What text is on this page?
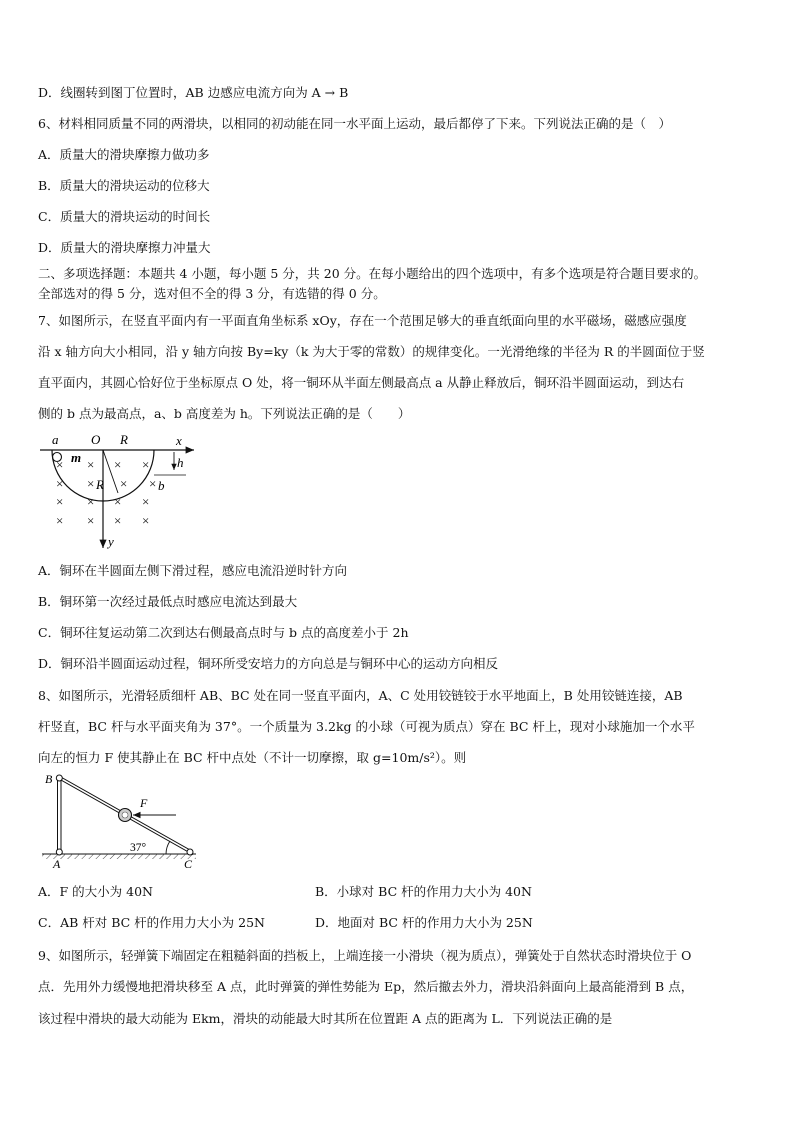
D．线圈转到图丁位置时，AB 边感应电流方向为 A → B
6、材料相同质量不同的两滑块，以相同的初动能在同一水平面上运动，最后都停了下来。下列说法正确的是（　）
A．质量大的滑块摩擦力做功多
B．质量大的滑块运动的位移大
C．质量大的滑块运动的时间长
D．质量大的滑块摩擦力冲量大
二、多项选择题：本题共 4 小题，每小题 5 分，共 20 分。在每小题给出的四个选项中，有多个选项是符合题目要求的。
全部选对的得 5 分，选对但不全的得 3 分，有选错的得 0 分。
7、如图所示，在竖直平面内有一平面直角坐标系 xOy，存在一个范围足够大的垂直纸面向里的水平磁场，磁感应强度
沿 x 轴方向大小相同，沿 y 轴方向按 By=ky（k 为大于零的常数）的规律变化。一光滑绝缘的半径为 R 的半圆面位于竖
直平面内，其圆心恰好位于坐标原点 O 处，将一铜环从半面左侧最高点 a 从静止释放后，铜环沿半圆面运动，到达右
侧的 b 点为最高点，a、b 高度差为 h。下列说法正确的是（　　）
× × × ×
× × × ×
× × × ×
× × × ×
a	O R	x
m	h
R	b
y
A．铜环在半圆面左侧下滑过程，感应电流沿逆时针方向
B．铜环第一次经过最低点时感应电流达到最大
C．铜环往复运动第二次到达右侧最高点时与 b 点的高度差小于 2h
D．铜环沿半圆面运动过程，铜环所受安培力的方向总是与铜环中心的运动方向相反
8、如图所示，光滑轻质细杆 AB、BC 处在同一竖直平面内，A、C 处用铰链铰于水平地面上，B 处用铰链连接，AB
杆竖直，BC 杆与水平面夹角为 37°。一个质量为 3.2kg 的小球（可视为质点）穿在 BC 杆上，现对小球施加一个水平
向左的恒力 F 使其静止在 BC 杆中点处（不计一切摩擦，取 g=10m/s²）。则
B
F
37°
A	C
A．F 的大小为 40N	B．小球对 BC 杆的作用力大小为 40N
C．AB 杆对 BC 杆的作用力大小为 25N	D．地面对 BC 杆的作用力大小为 25N
9、如图所示，轻弹簧下端固定在粗糙斜面的挡板上，上端连接一小滑块（视为质点），弹簧处于自然状态时滑块位于 O
点．先用外力缓慢地把滑块移至 A 点，此时弹簧的弹性势能为 Ep，然后撤去外力，滑块沿斜面向上最高能滑到 B 点，
该过程中滑块的最大动能为 Ekm，滑块的动能最大时其所在位置距 A 点的距离为 L．下列说法正确的是
